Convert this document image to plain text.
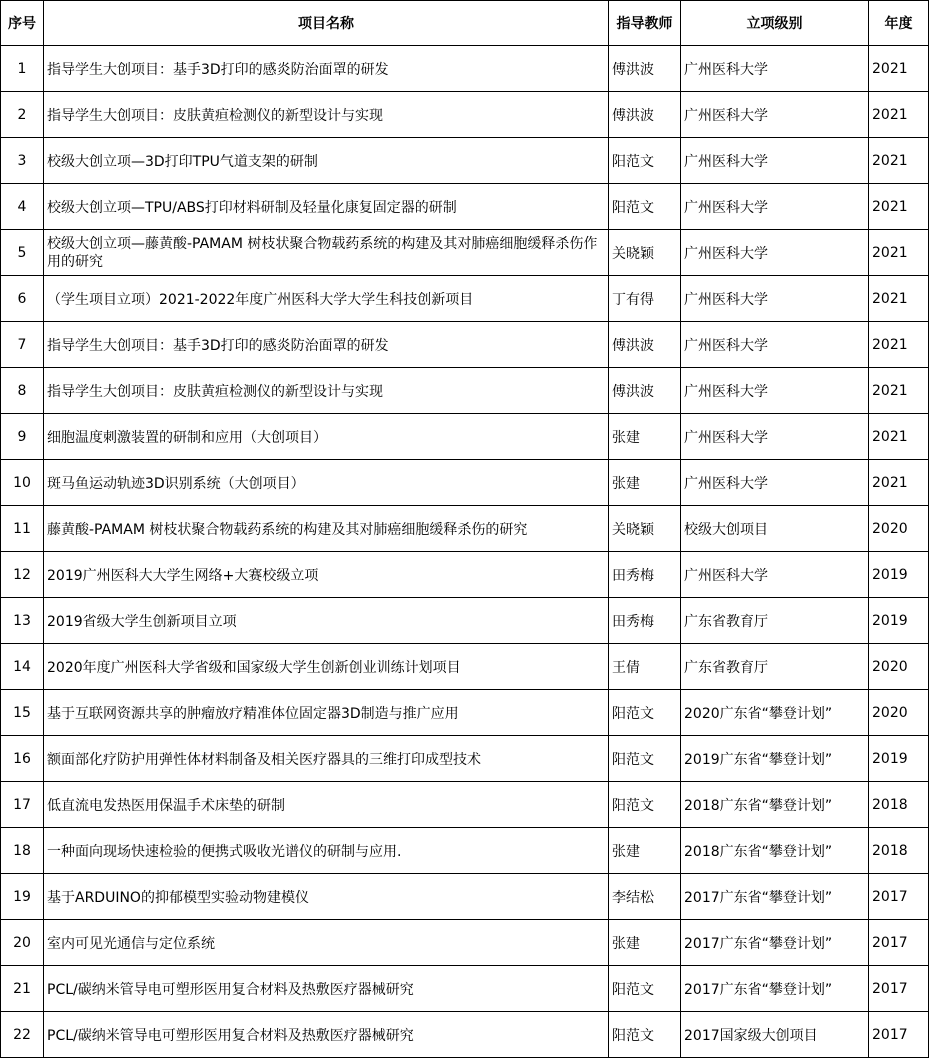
序号	项目名称	指导教师	立项级别	年度
1	指导学生大创项目：基手3D打印的感炎防治面罩的研发	傅洪波	广州医科大学	2021
2	指导学生大创项目：皮肤黄疸检测仪的新型设计与实现	傅洪波	广州医科大学	2021
3	校级大创立项—3D打印TPU气道支架的研制	阳范文	广州医科大学	2021
4	校级大创立项—TPU/ABS打印材料研制及轻量化康复固定器的研制	阳范文	广州医科大学	2021
5	校级大创立项—藤黄酸-PAMAM 树枝状聚合物载药系统的构建及其对肺癌细胞缓释杀伤作用的研究	关晓颖	广州医科大学	2021
6	（学生项目立项）2021-2022年度广州医科大学大学生科技创新项目	丁有得	广州医科大学	2021
7	指导学生大创项目：基手3D打印的感炎防治面罩的研发	傅洪波	广州医科大学	2021
8	指导学生大创项目：皮肤黄疸检测仪的新型设计与实现	傅洪波	广州医科大学	2021
9	细胞温度刺激装置的研制和应用（大创项目）	张建	广州医科大学	2021
10	斑马鱼运动轨迹3D识别系统（大创项目）	张建	广州医科大学	2021
11	藤黄酸-PAMAM 树枝状聚合物载药系统的构建及其对肺癌细胞缓释杀伤的研究	关晓颖	校级大创项目	2020
12	2019广州医科大大学生网络+大赛校级立项	田秀梅	广州医科大学	2019
13	2019省级大学生创新项目立项	田秀梅	广东省教育厅	2019
14	2020年度广州医科大学省级和国家级大学生创新创业训练计划项目	王倩	广东省教育厅	2020
15	基于互联网资源共享的肿瘤放疗精准体位固定器3D制造与推广应用	阳范文	2020广东省“攀登计划”	2020
16	额面部化疗防护用弹性体材料制备及相关医疗器具的三维打印成型技术	阳范文	2019广东省“攀登计划”	2019
17	低直流电发热医用保温手术床垫的研制	阳范文	2018广东省“攀登计划”	2018
18	一种面向现场快速检验的便携式吸收光谱仪的研制与应用.	张建	2018广东省“攀登计划”	2018
19	基于ARDUINO的抑郁模型实验动物建模仪	李结松	2017广东省“攀登计划”	2017
20	室内可见光通信与定位系统	张建	2017广东省“攀登计划”	2017
21	PCL/碳纳米管导电可塑形医用复合材料及热敷医疗器械研究	阳范文	2017广东省“攀登计划”	2017
22	PCL/碳纳米管导电可塑形医用复合材料及热敷医疗器械研究	阳范文	2017国家级大创项目	2017
